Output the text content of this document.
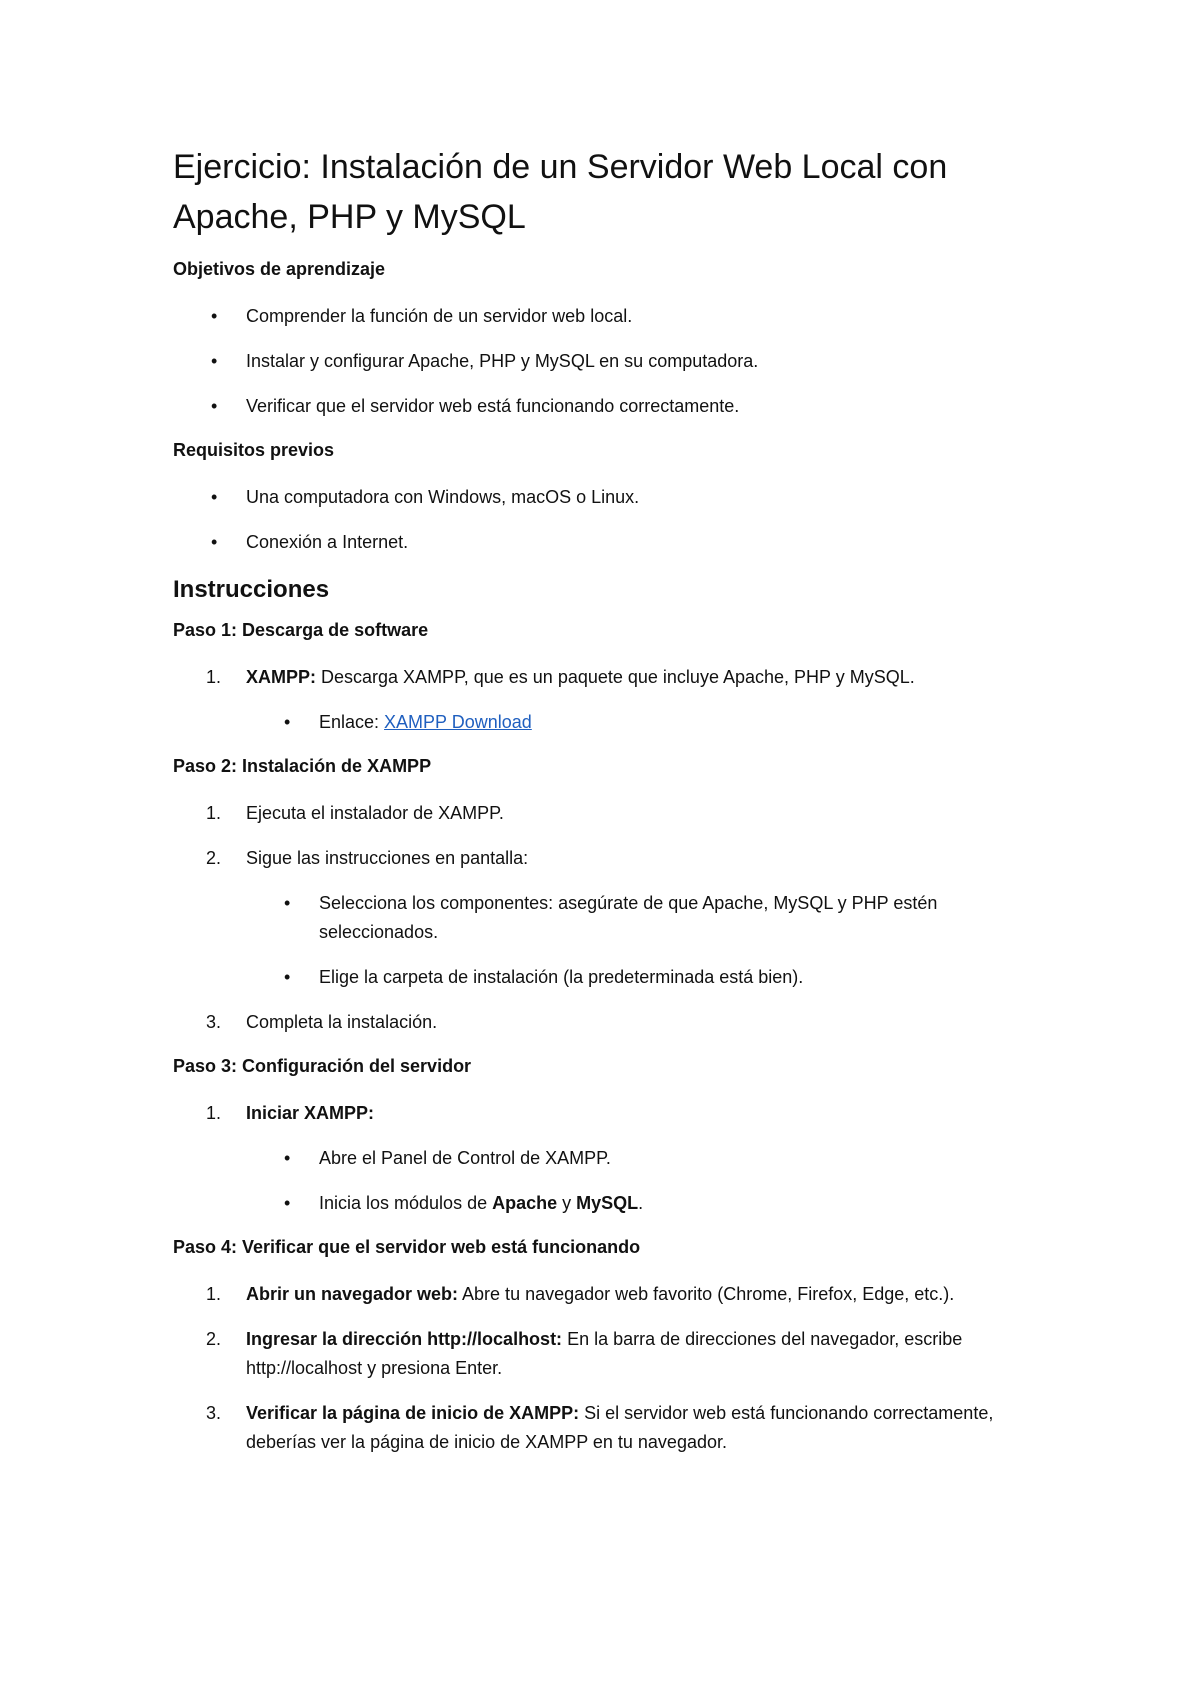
Ejercicio: Instalación de un Servidor Web Local con Apache, PHP y MySQL
Objetivos de aprendizaje
•	Comprender la función de un servidor web local.
•	Instalar y configurar Apache, PHP y MySQL en su computadora.
•	Verificar que el servidor web está funcionando correctamente.
Requisitos previos
•	Una computadora con Windows, macOS o Linux.
•	Conexión a Internet.
Instrucciones
Paso 1: Descarga de software
1.	XAMPP: Descarga XAMPP, que es un paquete que incluye Apache, PHP y MySQL.
•	Enlace: XAMPP Download
Paso 2: Instalación de XAMPP
1.	Ejecuta el instalador de XAMPP.
2.	Sigue las instrucciones en pantalla:
•	Selecciona los componentes: asegúrate de que Apache, MySQL y PHP estén seleccionados.
•	Elige la carpeta de instalación (la predeterminada está bien).
3.	Completa la instalación.
Paso 3: Configuración del servidor
1.	Iniciar XAMPP:
•	Abre el Panel de Control de XAMPP.
•	Inicia los módulos de Apache y MySQL.
Paso 4: Verificar que el servidor web está funcionando
1.	Abrir un navegador web: Abre tu navegador web favorito (Chrome, Firefox, Edge, etc.).
2.	Ingresar la dirección http://localhost: En la barra de direcciones del navegador, escribe http://localhost y presiona Enter.
3.	Verificar la página de inicio de XAMPP: Si el servidor web está funcionando correctamente, deberías ver la página de inicio de XAMPP en tu navegador.
